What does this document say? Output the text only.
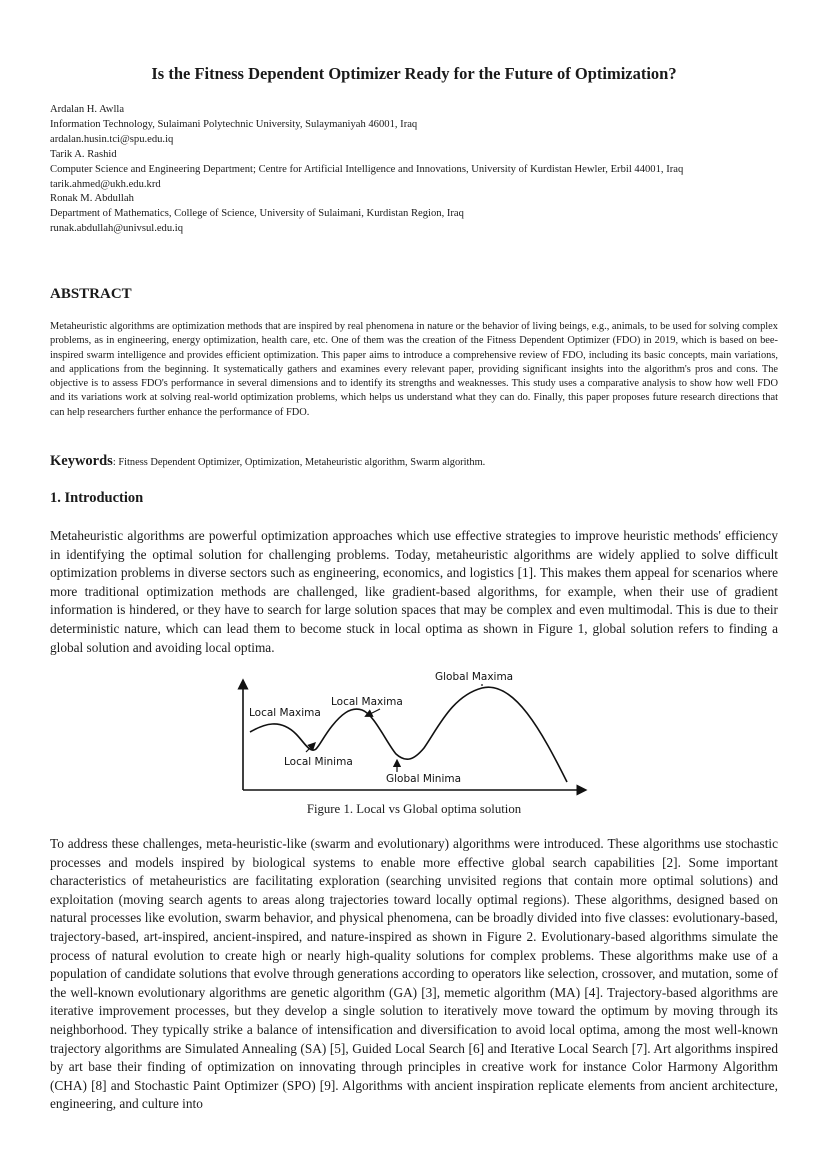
Is the Fitness Dependent Optimizer Ready for the Future of Optimization?
Ardalan H. Awlla
Information Technology, Sulaimani Polytechnic University, Sulaymaniyah 46001, Iraq
ardalan.husin.tci@spu.edu.iq
Tarik A. Rashid
Computer Science and Engineering Department; Centre for Artificial Intelligence and Innovations, University of Kurdistan Hewler, Erbil 44001, Iraq
tarik.ahmed@ukh.edu.krd
Ronak M. Abdullah
Department of Mathematics, College of Science, University of Sulaimani, Kurdistan Region, Iraq
runak.abdullah@univsul.edu.iq
ABSTRACT

Metaheuristic algorithms are optimization methods that are inspired by real phenomena in nature or the behavior of living beings, e.g., animals, to be used for solving complex problems, as in engineering, energy optimization, health care, etc. One of them was the creation of the Fitness Dependent Optimizer (FDO) in 2019, which is based on bee-inspired swarm intelligence and provides efficient optimization. This paper aims to introduce a comprehensive review of FDO, including its basic concepts, main variations, and applications from the beginning. It systematically gathers and examines every relevant paper, providing significant insights into the algorithm's pros and cons. The objective is to assess FDO's performance in several dimensions and to identify its strengths and weaknesses. This study uses a comparative analysis to show how well FDO and its variations work at solving real-world optimization problems, which helps us understand what they can do. Finally, this paper proposes future research directions that can help researchers further enhance the performance of FDO.

Keywords: Fitness Dependent Optimizer, Optimization, Metaheuristic algorithm, Swarm algorithm.
1. Introduction

Metaheuristic algorithms are powerful optimization approaches which use effective strategies to improve heuristic methods' efficiency in identifying the optimal solution for challenging problems. Today, metaheuristic algorithms are widely applied to solve difficult optimization problems in diverse sectors such as engineering, economics, and logistics [1]. This makes them appeal for scenarios where more traditional optimization methods are challenged, like gradient-based algorithms, for example, when their use of gradient information is hindered, or they have to search for large solution spaces that may be complex and even multimodal. This is due to their deterministic nature, which can lead them to become stuck in local optima as shown in Figure 1, global solution refers to finding a global solution and avoiding local optima.

Global Maxima
Local Maxima
Local Maxima
Local Minima
Global Minima
Figure 1. Local vs Global optima solution

To address these challenges, meta-heuristic-like (swarm and evolutionary) algorithms were introduced. These algorithms use stochastic processes and models inspired by biological systems to enable more effective global search capabilities [2]. Some important characteristics of metaheuristics are facilitating exploration (searching unvisited regions that contain more optimal solutions) and exploitation (moving search agents to areas along trajectories toward locally optimal regions). These algorithms, designed based on natural processes like evolution, swarm behavior, and physical phenomena, can be broadly divided into five classes: evolutionary-based, trajectory-based, art-inspired, ancient-inspired, and nature-inspired as shown in Figure 2. Evolutionary-based algorithms simulate the process of natural evolution to create high or nearly high-quality solutions for complex problems. These algorithms make use of a population of candidate solutions that evolve through generations according to operators like selection, crossover, and mutation, some of the well-known evolutionary algorithms are genetic algorithm (GA) [3], memetic algorithm (MA) [4]. Trajectory-based algorithms are iterative improvement processes, but they develop a single solution to iteratively move toward the optimum by moving through its neighborhood. They typically strike a balance of intensification and diversification to avoid local optima, among the most well-known trajectory algorithms are Simulated Annealing (SA) [5], Guided Local Search [6] and Iterative Local Search [7]. Art algorithms inspired by art base their finding of optimization on innovating through principles in creative work for instance Color Harmony Algorithm (CHA) [8] and Stochastic Paint Optimizer (SPO) [9]. Algorithms with ancient inspiration replicate elements from ancient architecture, engineering, and culture into
